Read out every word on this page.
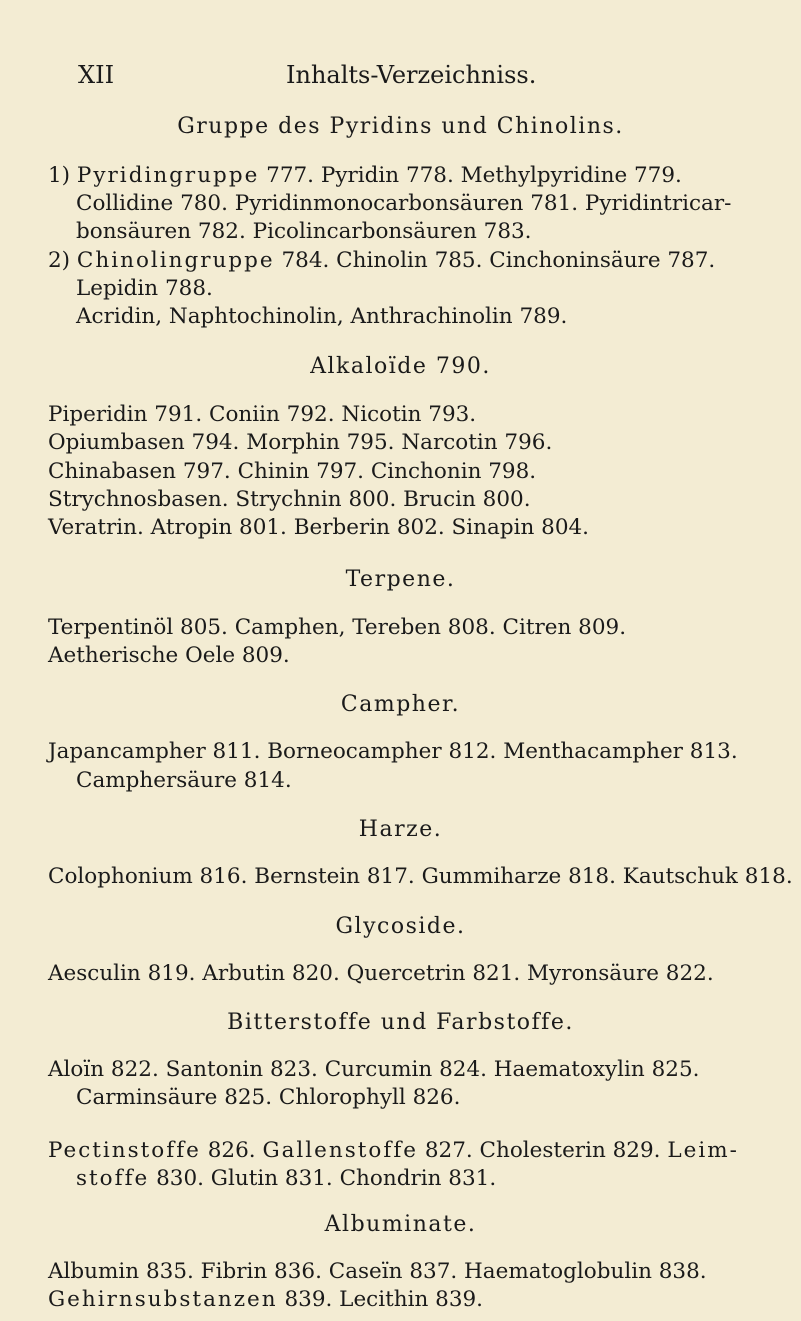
XII	Inhalts-Verzeichniss.
Gruppe des Pyridins und Chinolins.
1) Pyridingruppe 777. Pyridin 778. Methylpyridine 779.
Collidine 780. Pyridinmonocarbonsäuren 781. Pyridintricar-
bonsäuren 782. Picolincarbonsäuren 783.
2) Chinolingruppe 784. Chinolin 785. Cinchoninsäure 787.
Lepidin 788.
Acridin, Naphtochinolin, Anthrachinolin 789.
Alkaloïde 790.
Piperidin 791. Coniin 792. Nicotin 793.
Opiumbasen 794. Morphin 795. Narcotin 796.
Chinabasen 797. Chinin 797. Cinchonin 798.
Strychnosbasen. Strychnin 800. Brucin 800.
Veratrin. Atropin 801. Berberin 802. Sinapin 804.
Terpene.
Terpentinöl 805. Camphen, Tereben 808. Citren 809.
Aetherische Oele 809.
Campher.
Japancampher 811. Borneocampher 812. Menthacampher 813.
Camphersäure 814.
Harze.
Colophonium 816. Bernstein 817. Gummiharze 818. Kautschuk 818.
Glycoside.
Aesculin 819. Arbutin 820. Quercetrin 821. Myronsäure 822.
Bitterstoffe und Farbstoffe.
Aloïn 822. Santonin 823. Curcumin 824. Haematoxylin 825.
Carminsäure 825. Chlorophyll 826.
Pectinstoffe 826. Gallenstoffe 827. Cholesterin 829. Leim-
stoffe 830. Glutin 831. Chondrin 831.
Albuminate.
Albumin 835. Fibrin 836. Caseïn 837. Haematoglobulin 838.
Gehirnsubstanzen 839. Lecithin 839.
